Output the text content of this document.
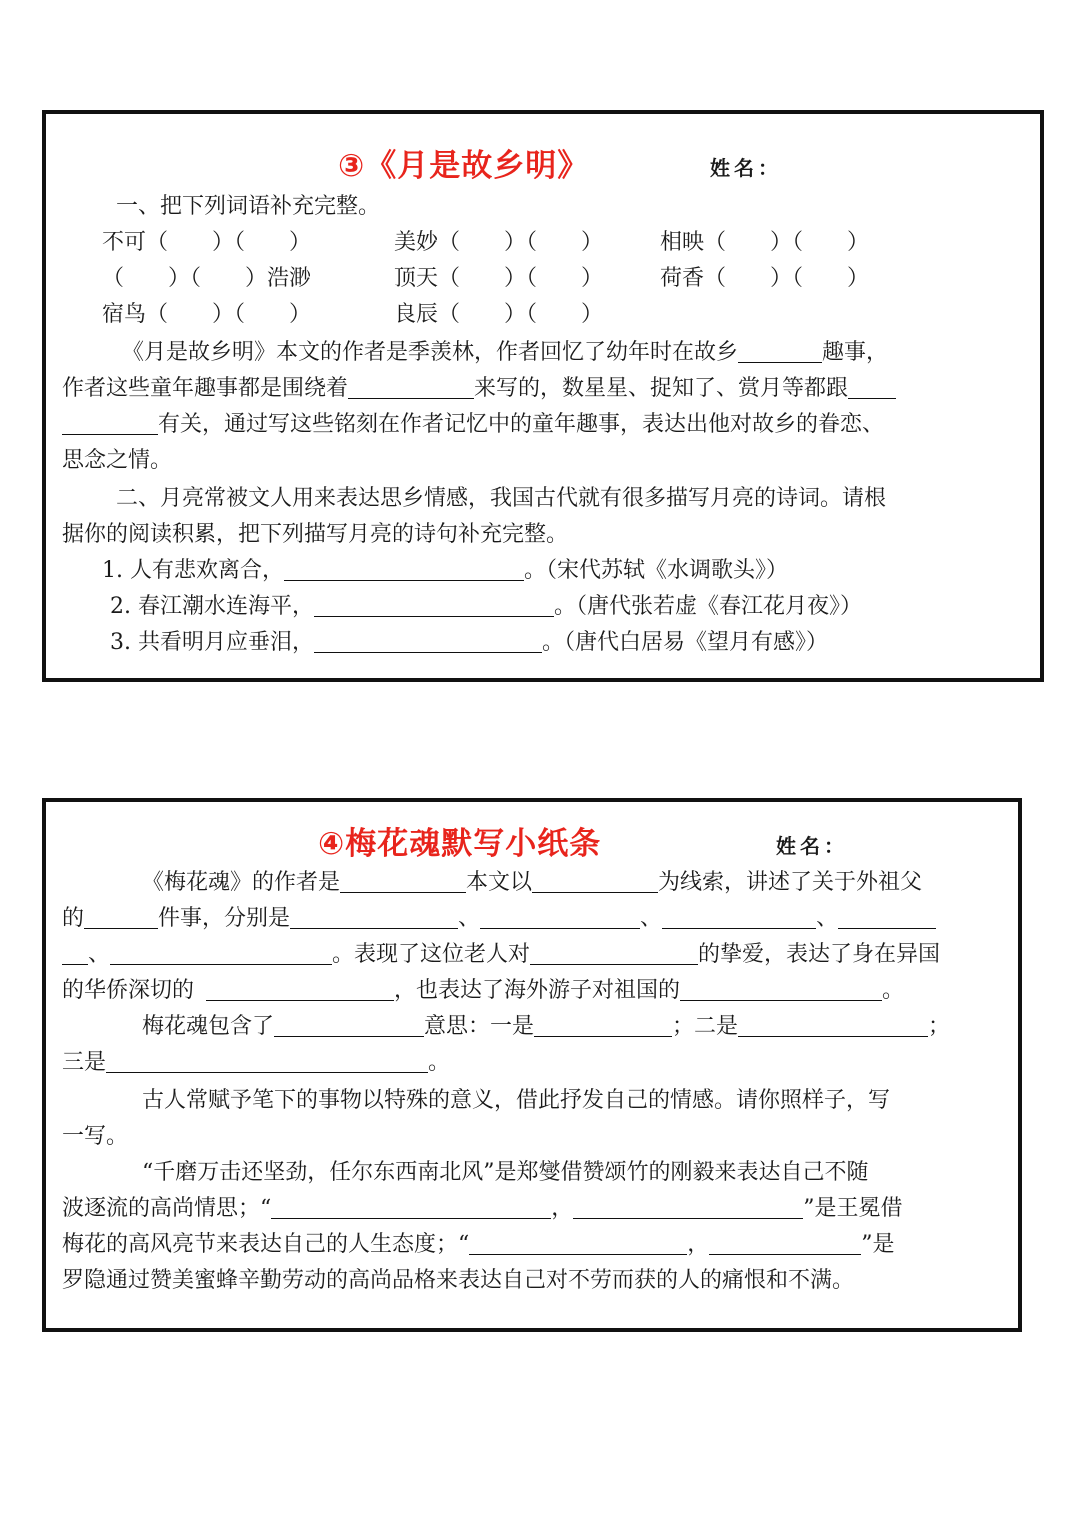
③《月是故乡明》	姓名：
一、把下列词语补充完整。
不可（　　）（　　）	美妙（　　）（　　）	相映（　　）（　　）
（　　）（　　）浩渺	顶天（　　）（　　）	荷香（　　）（　　）
宿鸟（　　）（　　）	良辰（　　）（　　）
《月是故乡明》本文的作者是季羡林，作者回忆了幼年时在故乡	趣事，
作者这些童年趣事都是围绕着	来写的，数星星、捉知了、赏月等都跟
有关，通过写这些铭刻在作者记忆中的童年趣事，表达出他对故乡的眷恋、
思念之情。
二、月亮常被文人用来表达思乡情感，我国古代就有很多描写月亮的诗词。请根
据你的阅读积累，把下列描写月亮的诗句补充完整。
1. 人有悲欢离合，	。（宋代苏轼《水调歌头》）
2. 春江潮水连海平，	。（唐代张若虚《春江花月夜》）
3. 共看明月应垂泪，	。（唐代白居易《望月有感》）
④梅花魂默写小纸条	姓名：
《梅花魂》的作者是	本文以	为线索，讲述了关于外祖父
的	件事，分别是	、	、	、
、	。表现了这位老人对	的挚爱，表达了身在异国
的华侨深切的	，也表达了海外游子对祖国的	。
梅花魂包含了	意思：一是	；二是	；
三是	。
古人常赋予笔下的事物以特殊的意义，借此抒发自己的情感。请你照样子，写
一写。
“千磨万击还坚劲，任尔东西南北风”是郑燮借赞颂竹的刚毅来表达自己不随
波逐流的高尚情思；“	，	”是王冕借
梅花的高风亮节来表达自己的人生态度；“	，	”是
罗隐通过赞美蜜蜂辛勤劳动的高尚品格来表达自己对不劳而获的人的痛恨和不满。
